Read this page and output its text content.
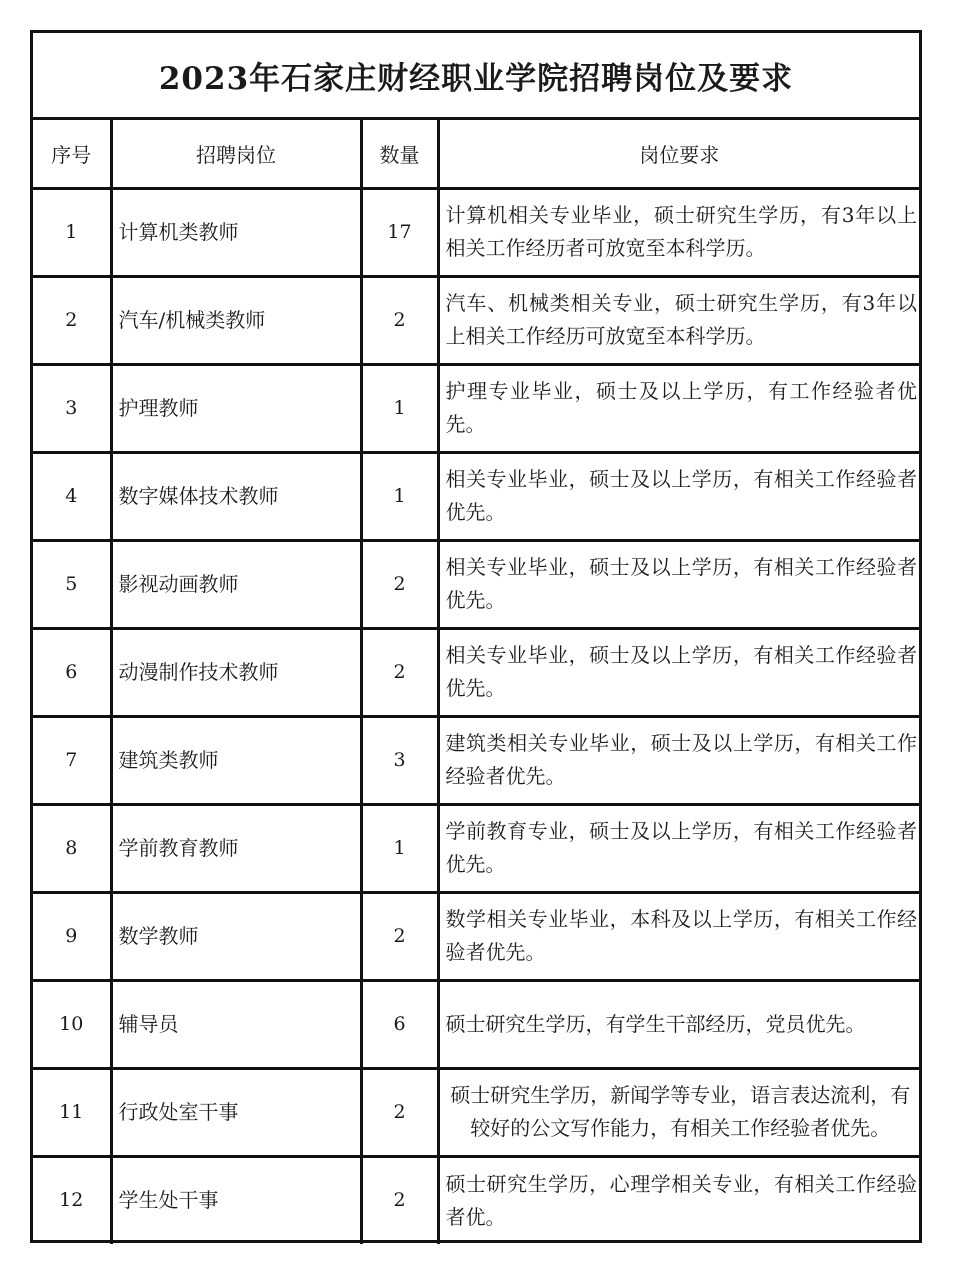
2023年石家庄财经职业学院招聘岗位及要求
序号	招聘岗位	数量	岗位要求
1	计算机类教师	17	计算机相关专业毕业，硕士研究生学历，有3年以上相关工作经历者可放宽至本科学历。
2	汽车/机械类教师	2	汽车、机械类相关专业，硕士研究生学历，有3年以上相关工作经历可放宽至本科学历。
3	护理教师	1	护理专业毕业，硕士及以上学历，有工作经验者优先。
4	数字媒体技术教师	1	相关专业毕业，硕士及以上学历，有相关工作经验者优先。
5	影视动画教师	2	相关专业毕业，硕士及以上学历，有相关工作经验者优先。
6	动漫制作技术教师	2	相关专业毕业，硕士及以上学历，有相关工作经验者优先。
7	建筑类教师	3	建筑类相关专业毕业，硕士及以上学历，有相关工作经验者优先。
8	学前教育教师	1	学前教育专业，硕士及以上学历，有相关工作经验者优先。
9	数学教师	2	数学相关专业毕业，本科及以上学历，有相关工作经验者优先。
10	辅导员	6	硕士研究生学历，有学生干部经历，党员优先。
11	行政处室干事	2	硕士研究生学历，新闻学等专业，语言表达流利，有较好的公文写作能力，有相关工作经验者优先。
12	学生处干事	2	硕士研究生学历，心理学相关专业，有相关工作经验者优。
